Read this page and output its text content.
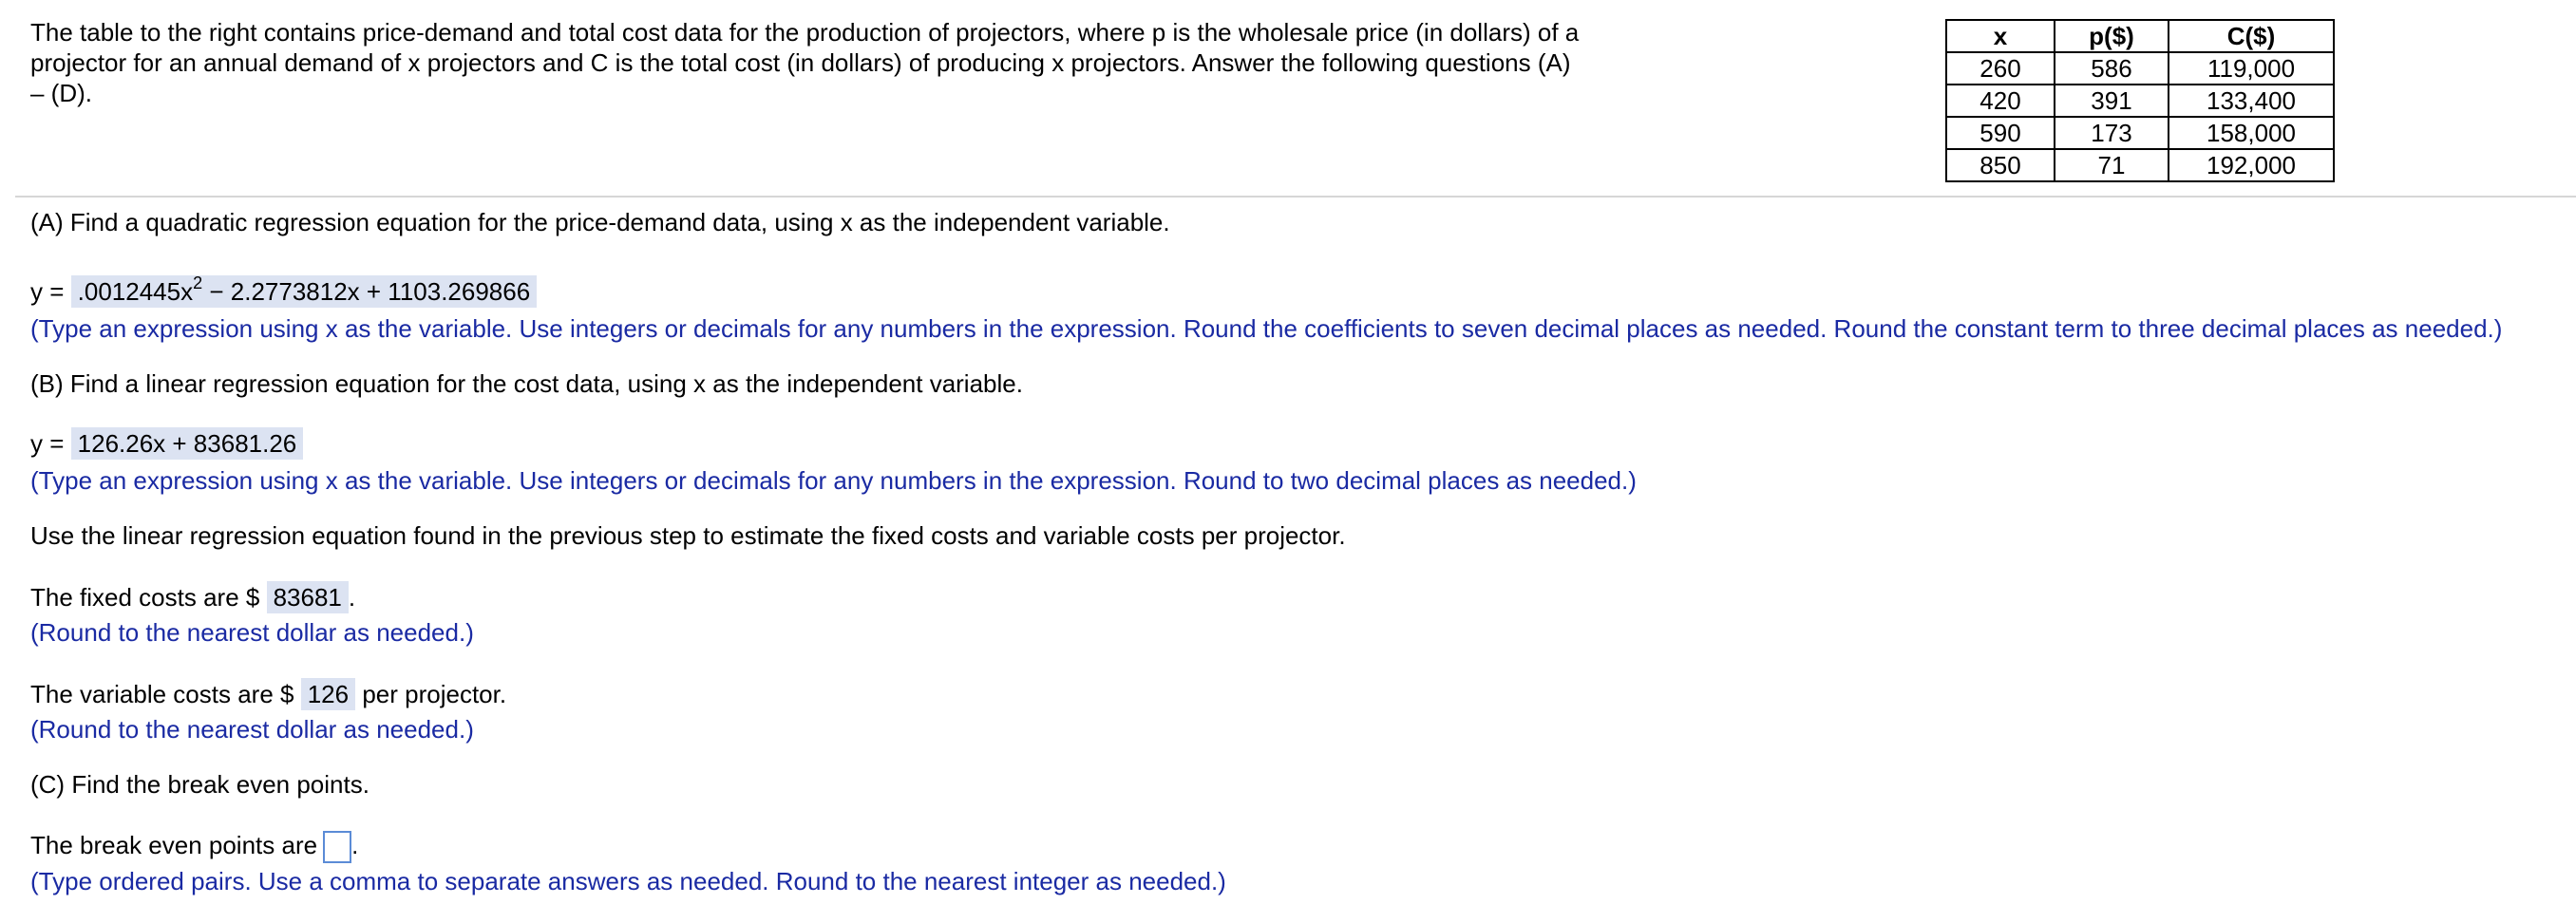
The table to the right contains price-demand and total cost data for the production of projectors, where p is the wholesale price (in dollars) of a projector for an annual demand of x projectors and C is the total cost (in dollars) of producing x projectors. Answer the following questions (A) – (D).

x	p($)	C($)
260	586	119,000
420	391	133,400
590	173	158,000
850	71	192,000

(A) Find a quadratic regression equation for the price-demand data, using x as the independent variable.

$y = .0012445x^2 - 2.2773812x + 1103.269866$

(Type an expression using x as the variable. Use integers or decimals for any numbers in the expression. Round the coefficients to seven decimal places as needed. Round the constant term to three decimal places as needed.)

(B) Find a linear regression equation for the cost data, using x as the independent variable.

y = 126.26x + 83681.26

(Type an expression using x as the variable. Use integers or decimals for any numbers in the expression. Round to two decimal places as needed.)

Use the linear regression equation found in the previous step to estimate the fixed costs and variable costs per projector.

The fixed costs are $ 83681 .

(Round to the nearest dollar as needed.)

The variable costs are $ 126 per projector.

(Round to the nearest dollar as needed.)

(C) Find the break even points.

The break even points are .

(Type ordered pairs. Use a comma to separate answers as needed. Round to the nearest integer as needed.)
